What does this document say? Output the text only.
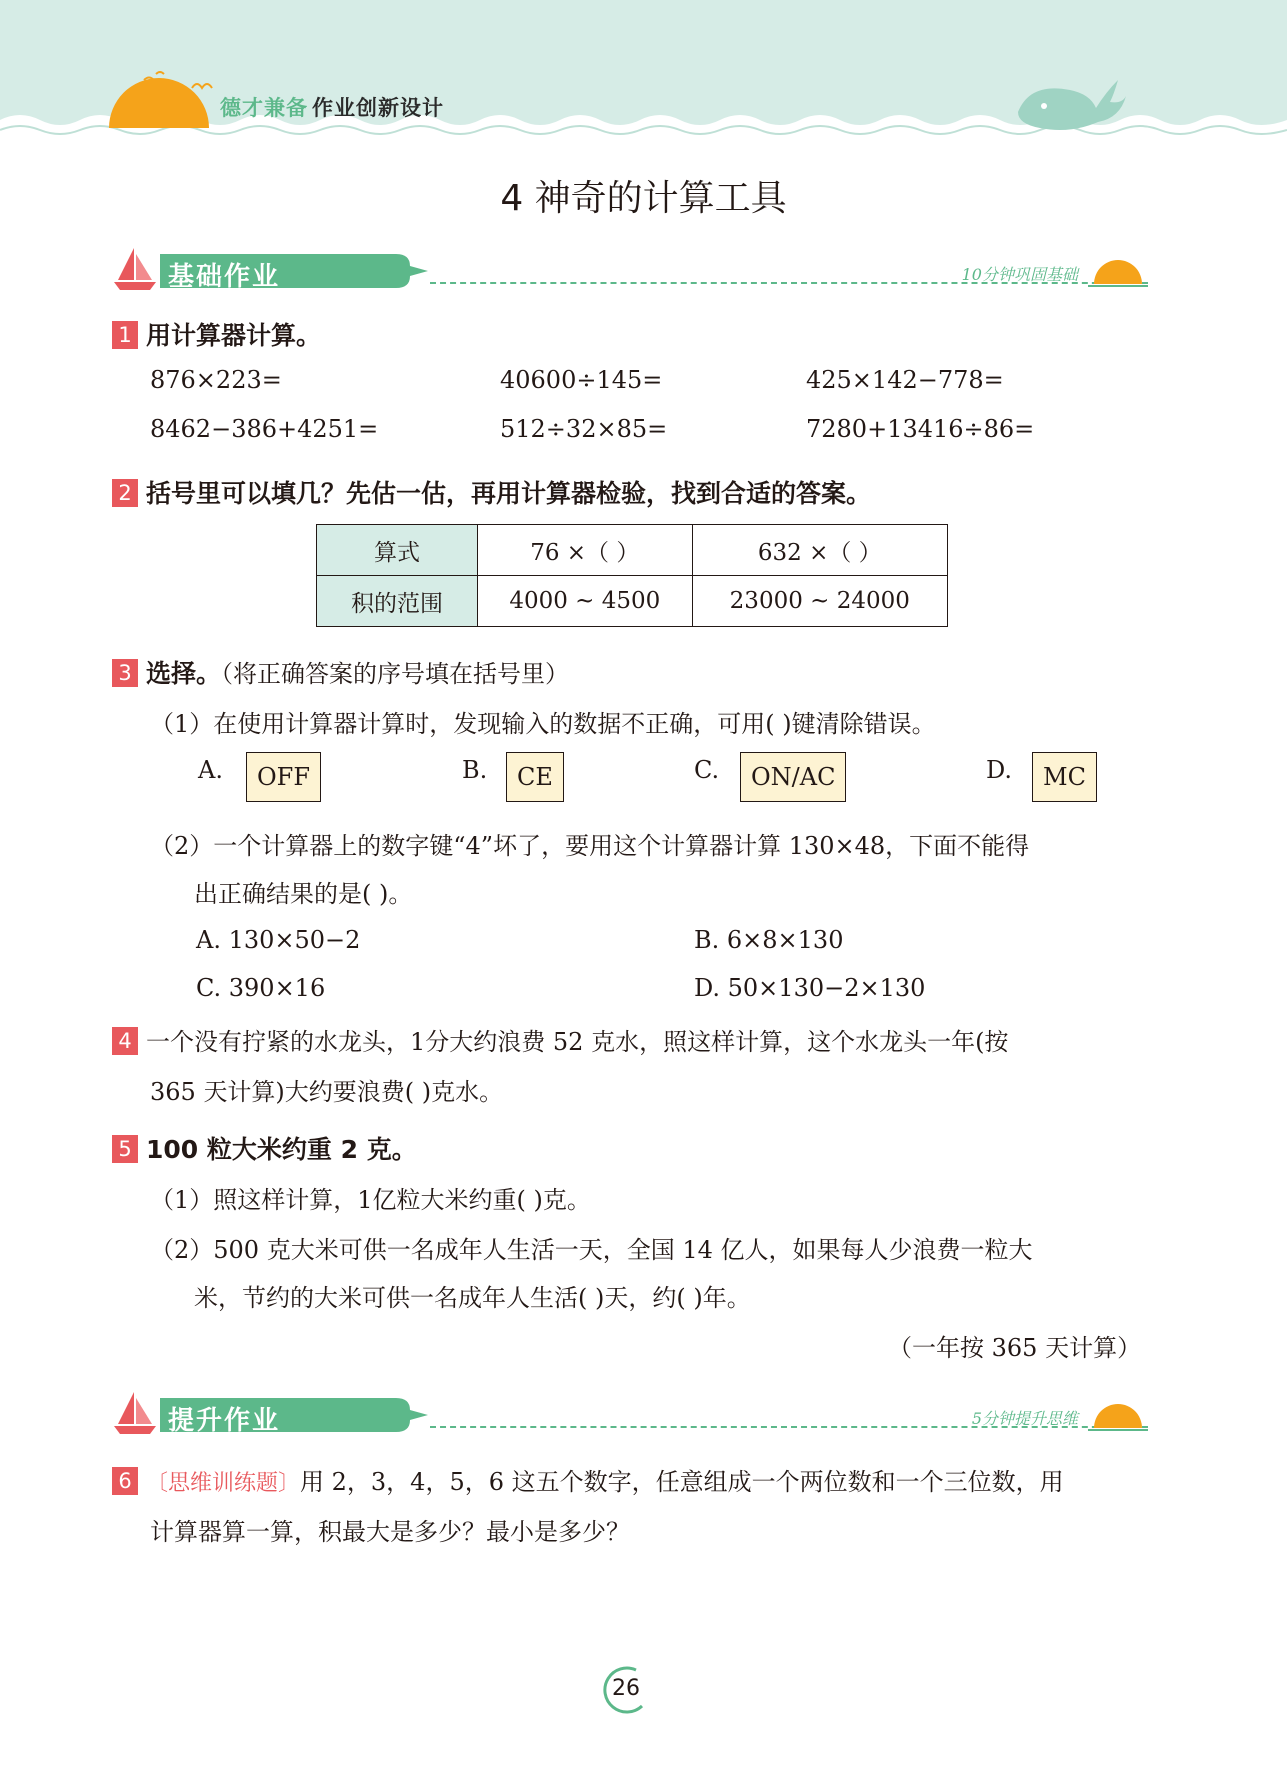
德才兼备 作业创新设计
4 神奇的计算工具
基础作业	10分钟巩固基础
1 用计算器计算。
876×223=	40600÷145=	425×142−778=
8462−386+4251=	512÷32×85=	7280+13416÷86=
2 括号里可以填几？先估一估，再用计算器检验，找到合适的答案。
算式	76 ×（ ）	632 ×（ ）
积的范围	4000 ~ 4500	23000 ~ 24000
3 选择。（将正确答案的序号填在括号里）
（1）在使用计算器计算时，发现输入的数据不正确，可用( )键清除错误。
A.	OFF	B.	CE	C.	ON/AC	D.	MC
（2）一个计算器上的数字键“4”坏了，要用这个计算器计算 130×48，下面不能得
出正确结果的是( )。
A. 130×50−2	B. 6×8×130
C. 390×16	D. 50×130−2×130
4 一个没有拧紧的水龙头，1分大约浪费 52 克水，照这样计算，这个水龙头一年(按
365 天计算)大约要浪费( )克水。
5 100 粒大米约重 2 克。
（1）照这样计算，1亿粒大米约重( )克。
（2）500 克大米可供一名成年人生活一天，全国 14 亿人，如果每人少浪费一粒大
米，节约的大米可供一名成年人生活( )天，约( )年。
（一年按 365 天计算）
提升作业	5分钟提升思维
6 〔思维训练题〕用 2，3，4，5，6 这五个数字，任意组成一个两位数和一个三位数，用
计算器算一算，积最大是多少？最小是多少？
26
